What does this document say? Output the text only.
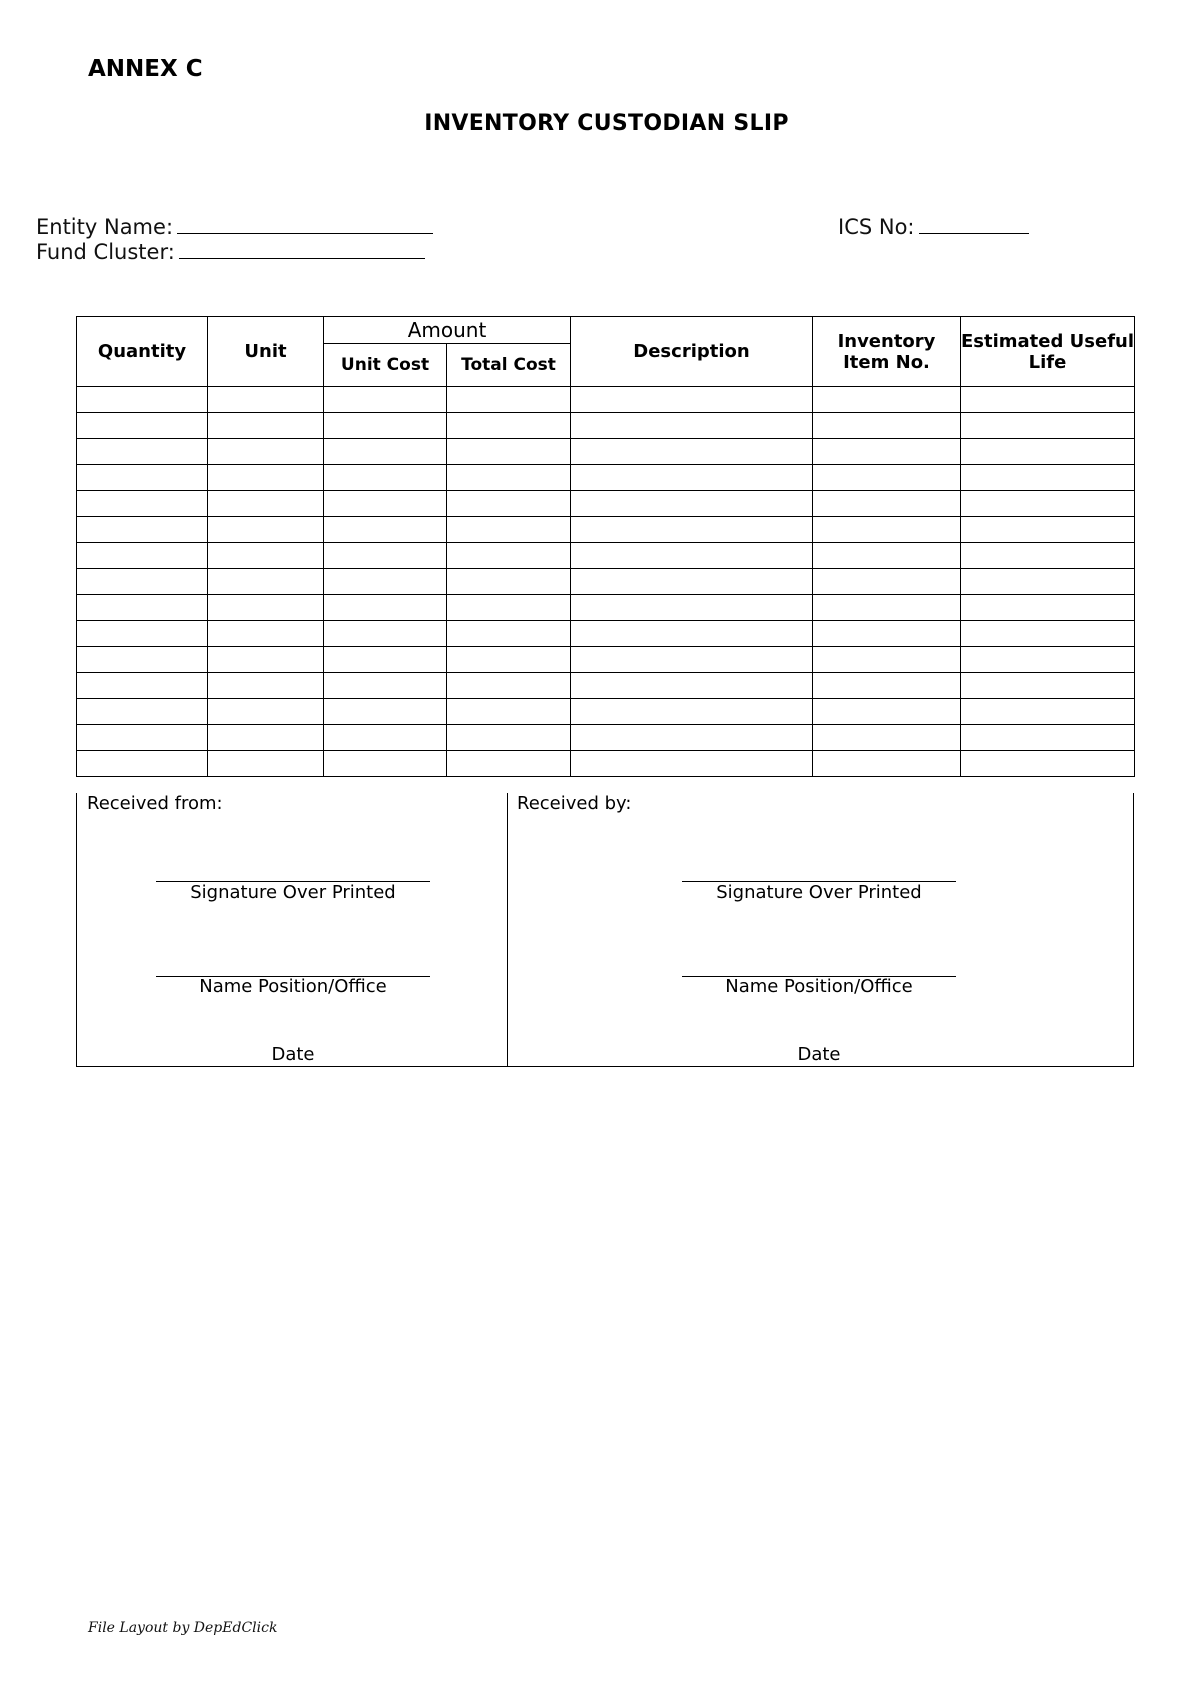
ANNEX C
INVENTORY CUSTODIAN SLIP
Entity Name:
Fund Cluster:
ICS No:
Quantity	Unit	Amount		Description	Inventory Item No.	Estimated Useful Life
		Unit Cost	Total Cost			

Received from:
Signature Over Printed
Name Position/Office
Date
Received by:
Signature Over Printed
Name Position/Office
Date
File Layout by DepEdClick
